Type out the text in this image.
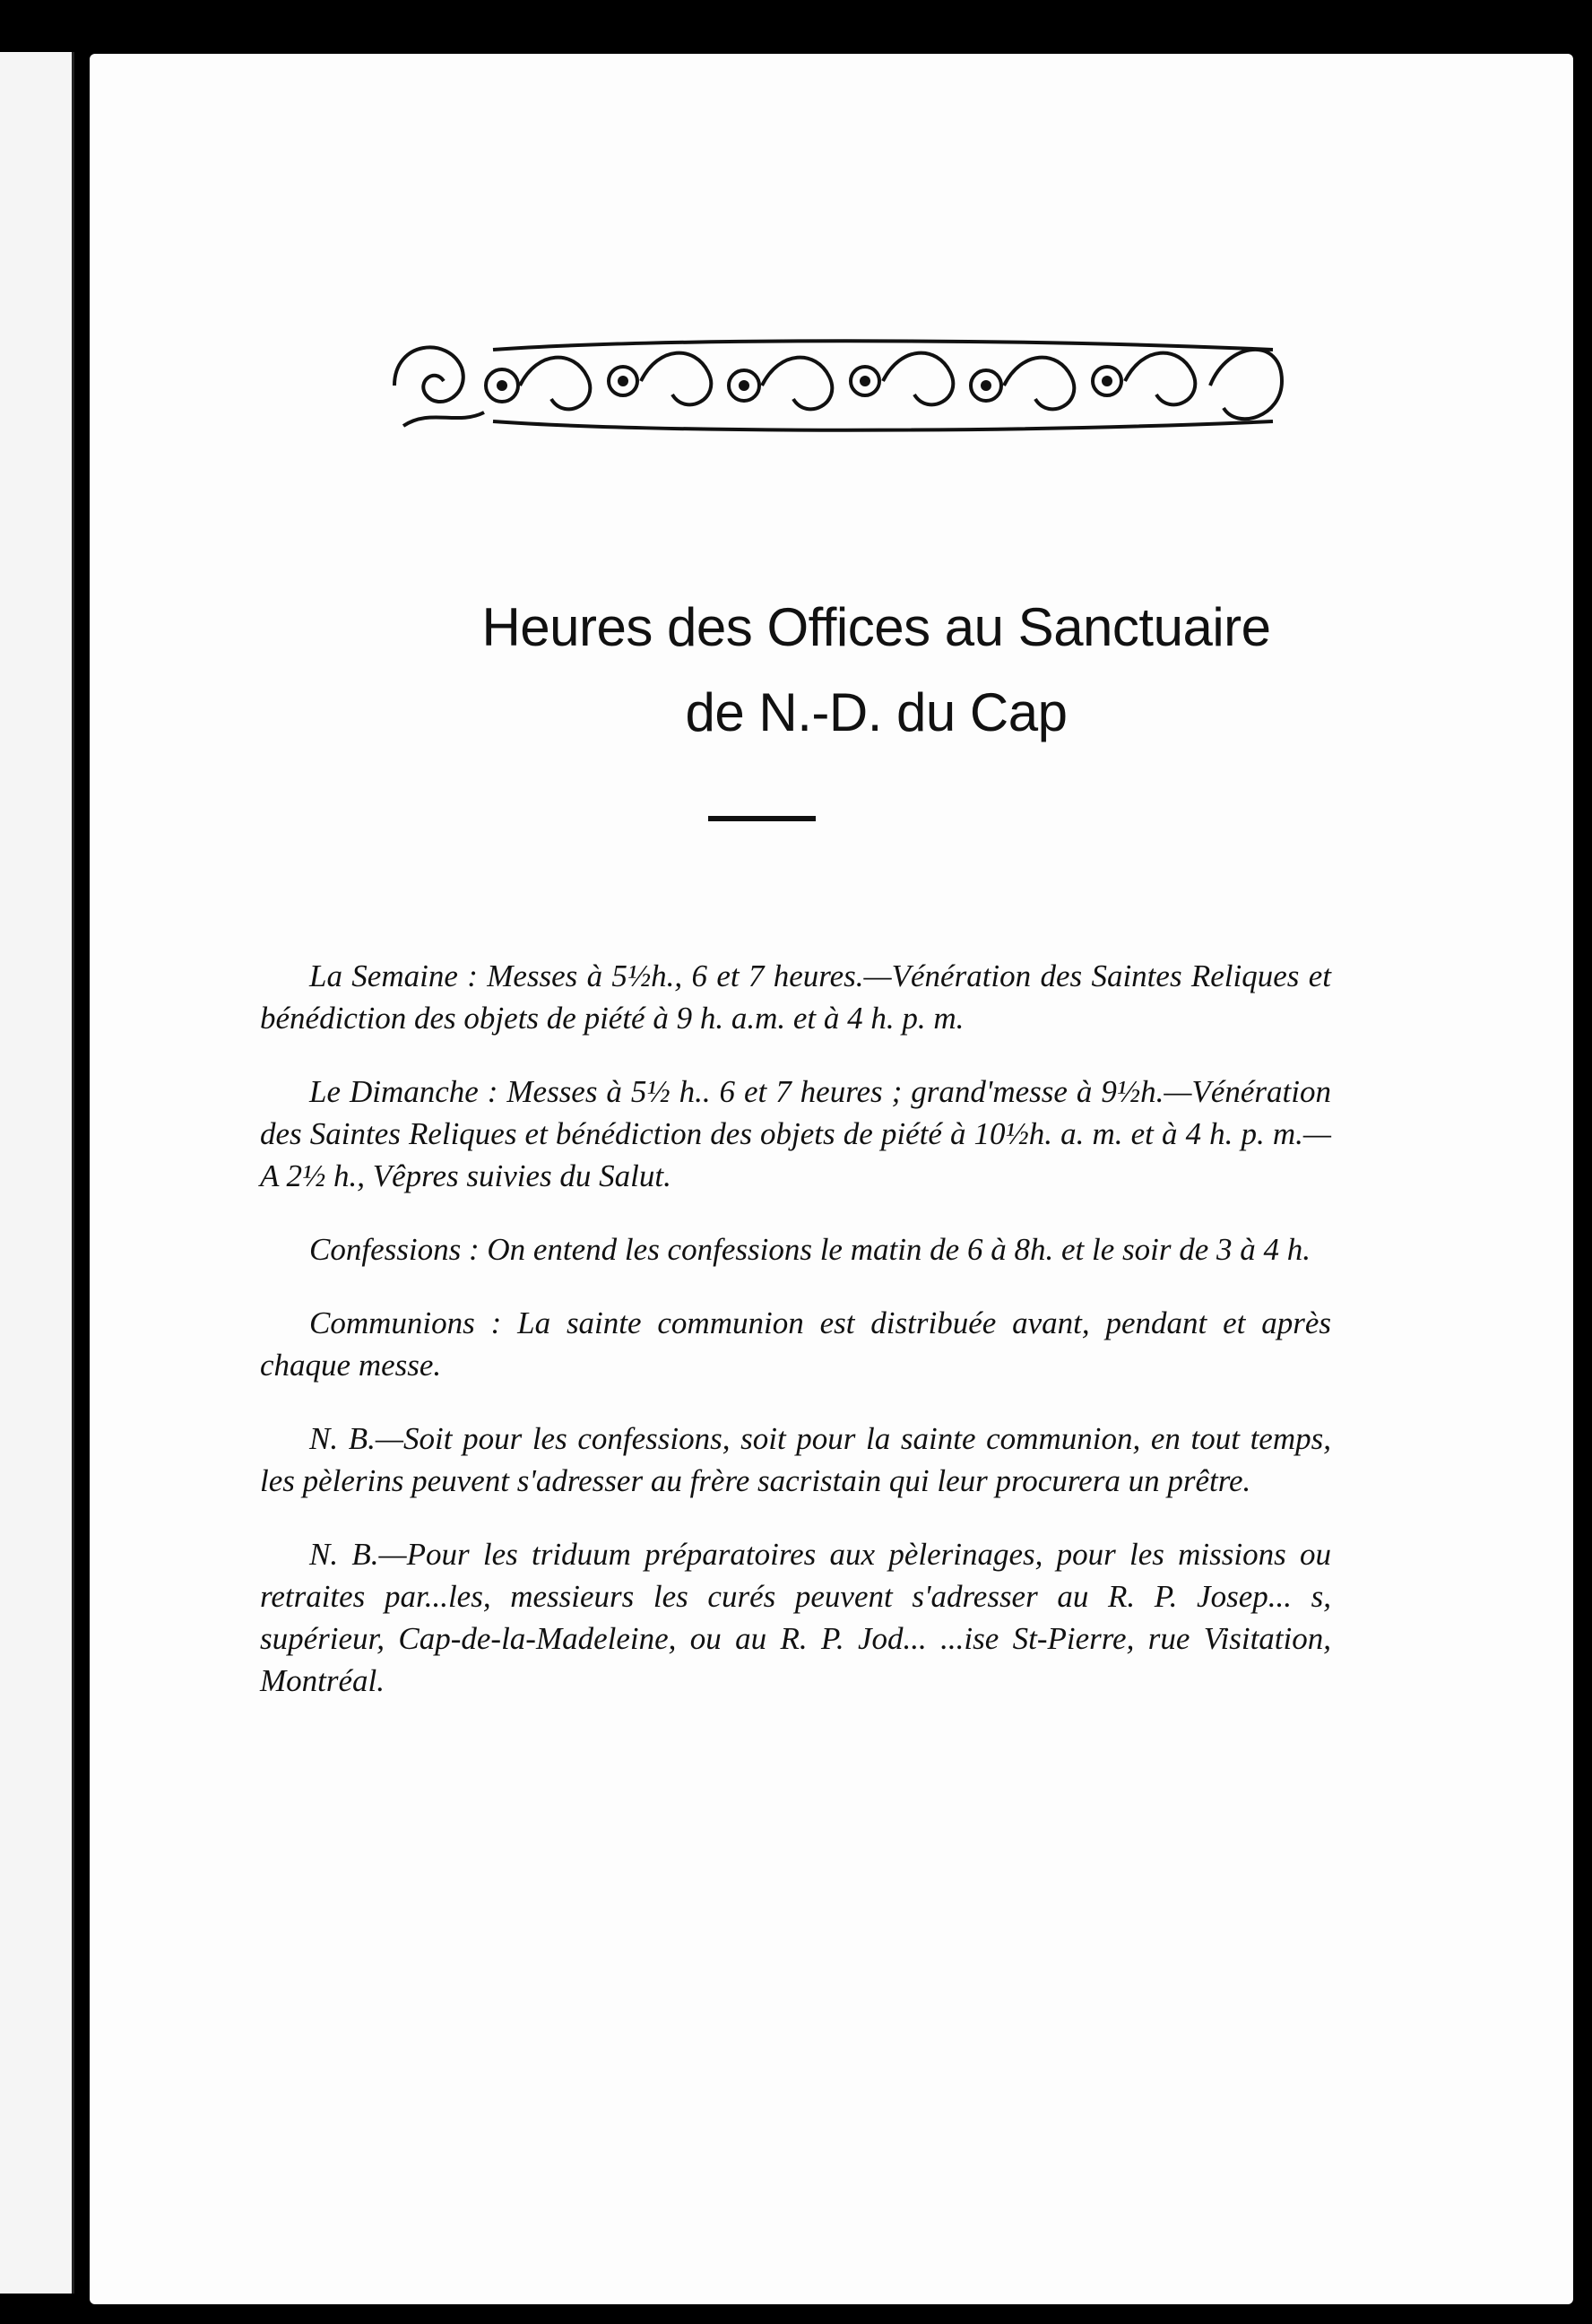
Heures des Offices au Sanctuaire
de N.-D. du Cap

La Semaine : Messes à 5½h., 6 et 7 heures.—Vénération des Saintes Reliques et bénédiction des objets de piété à 9 h. a.m. et à 4 h. p. m.

Le Dimanche : Messes à 5½ h.. 6 et 7 heures ; grand'messe à 9½h.—Vénération des Saintes Reliques et bénédiction des objets de piété à 10½h. a. m. et à 4 h. p. m.—A 2½ h., Vêpres suivies du Salut.

Confessions : On entend les confessions le matin de 6 à 8h. et le soir de 3 à 4 h.

Communions : La sainte communion est distribuée avant, pendant et après chaque messe.

N. B.—Soit pour les confessions, soit pour la sainte communion, en tout temps, les pèlerins peuvent s'adresser au frère sacristain qui leur procurera un prêtre.

N. B.—Pour les triduum préparatoires aux pèlerinages, pour les missions ou retraites par...les, messieurs les curés peuvent s'adresser au R. P. Josep... s, supérieur, Cap-de-la-Madeleine, ou au R. P. Jod... ...ise St-Pierre, rue Visitation, Montréal.
